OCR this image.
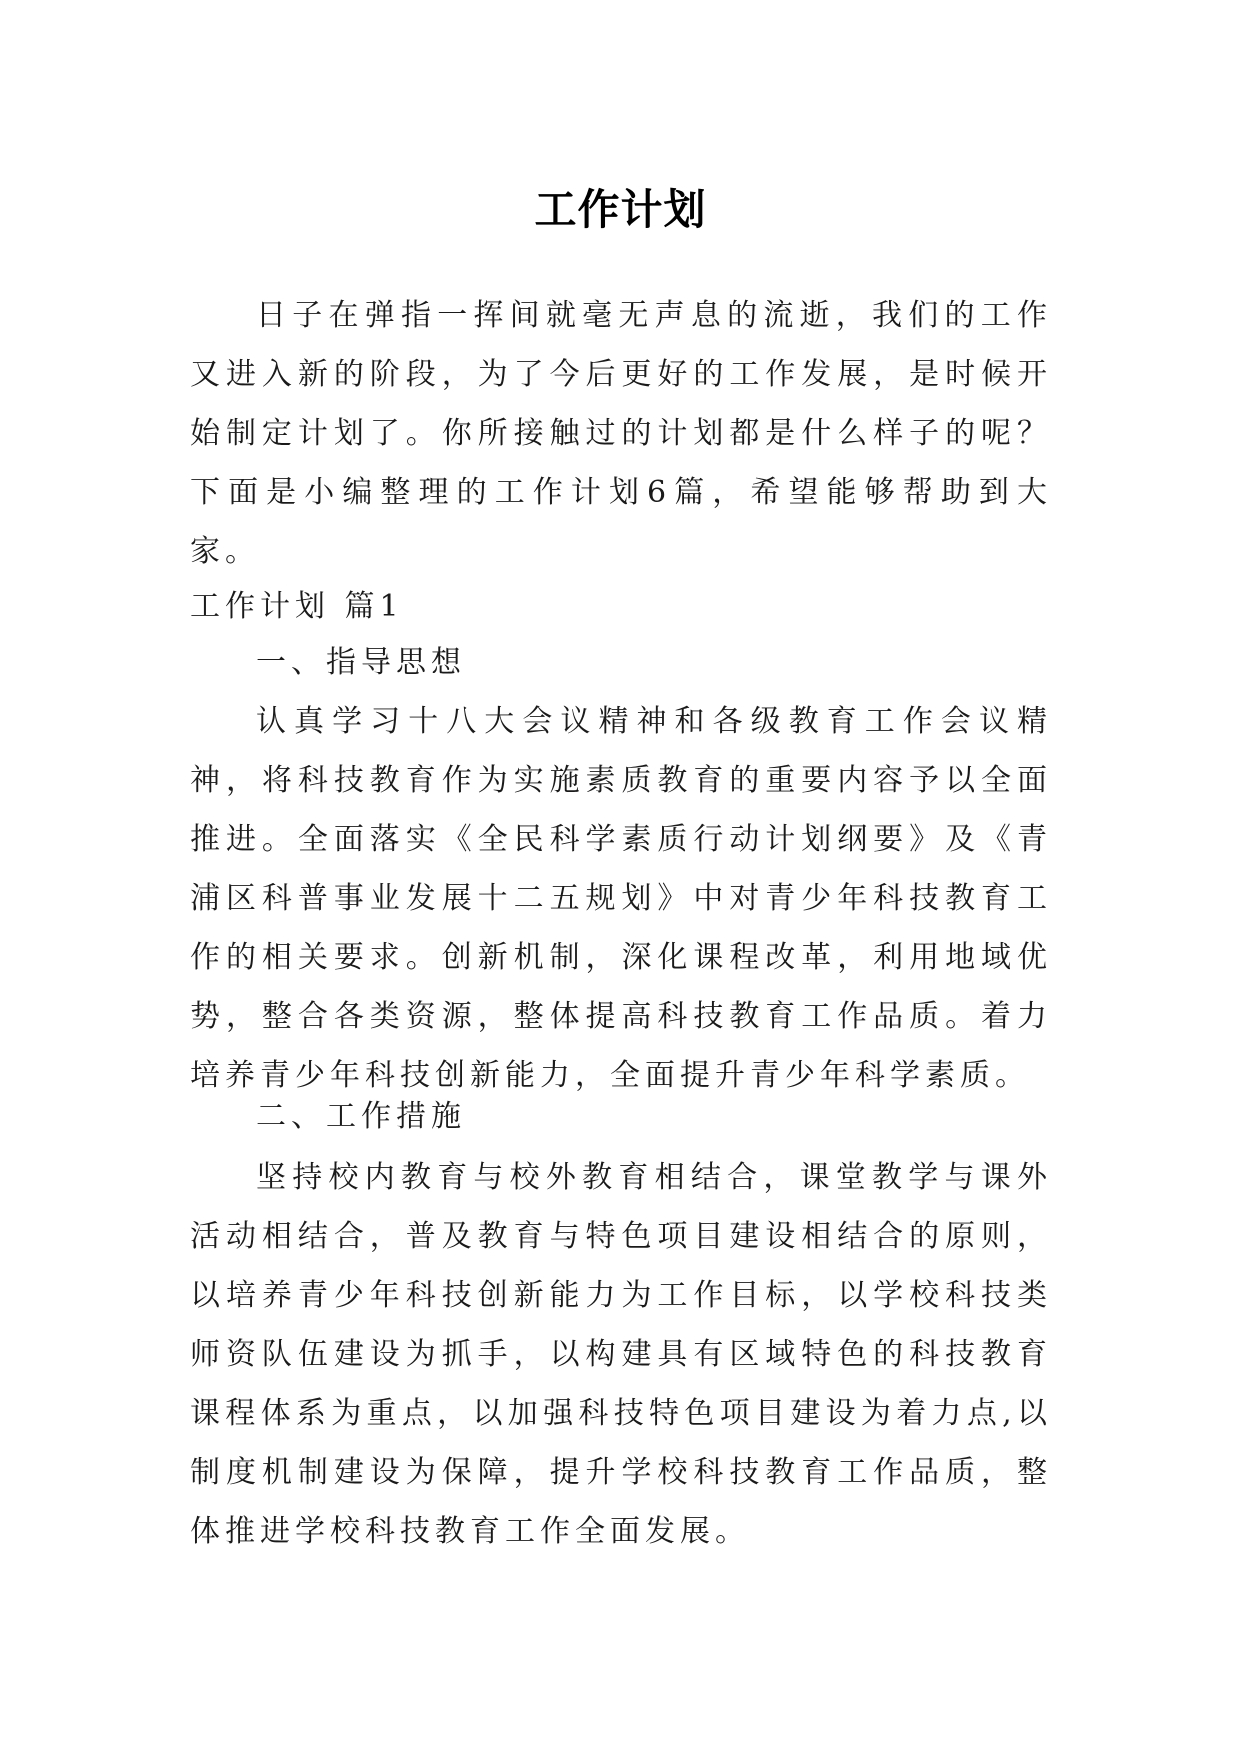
工作计划

日子在弹指一挥间就毫无声息的流逝，我们的工作又进入新的阶段，为了今后更好的工作发展，是时候开始制定计划了。你所接触过的计划都是什么样子的呢？下面是小编整理的工作计划6篇，希望能够帮助到大家。

工作计划 篇1

一、指导思想

认真学习十八大会议精神和各级教育工作会议精神，将科技教育作为实施素质教育的重要内容予以全面推进。全面落实《全民科学素质行动计划纲要》及《青浦区科普事业发展十二五规划》中对青少年科技教育工作的相关要求。创新机制，深化课程改革，利用地域优势，整合各类资源，整体提高科技教育工作品质。着力培养青少年科技创新能力，全面提升青少年科学素质。

二、工作措施

坚持校内教育与校外教育相结合，课堂教学与课外活动相结合，普及教育与特色项目建设相结合的原则，以培养青少年科技创新能力为工作目标，以学校科技类师资队伍建设为抓手，以构建具有区域特色的科技教育课程体系为重点，以加强科技特色项目建设为着力点,以制度机制建设为保障，提升学校科技教育工作品质，整体推进学校科技教育工作全面发展。
